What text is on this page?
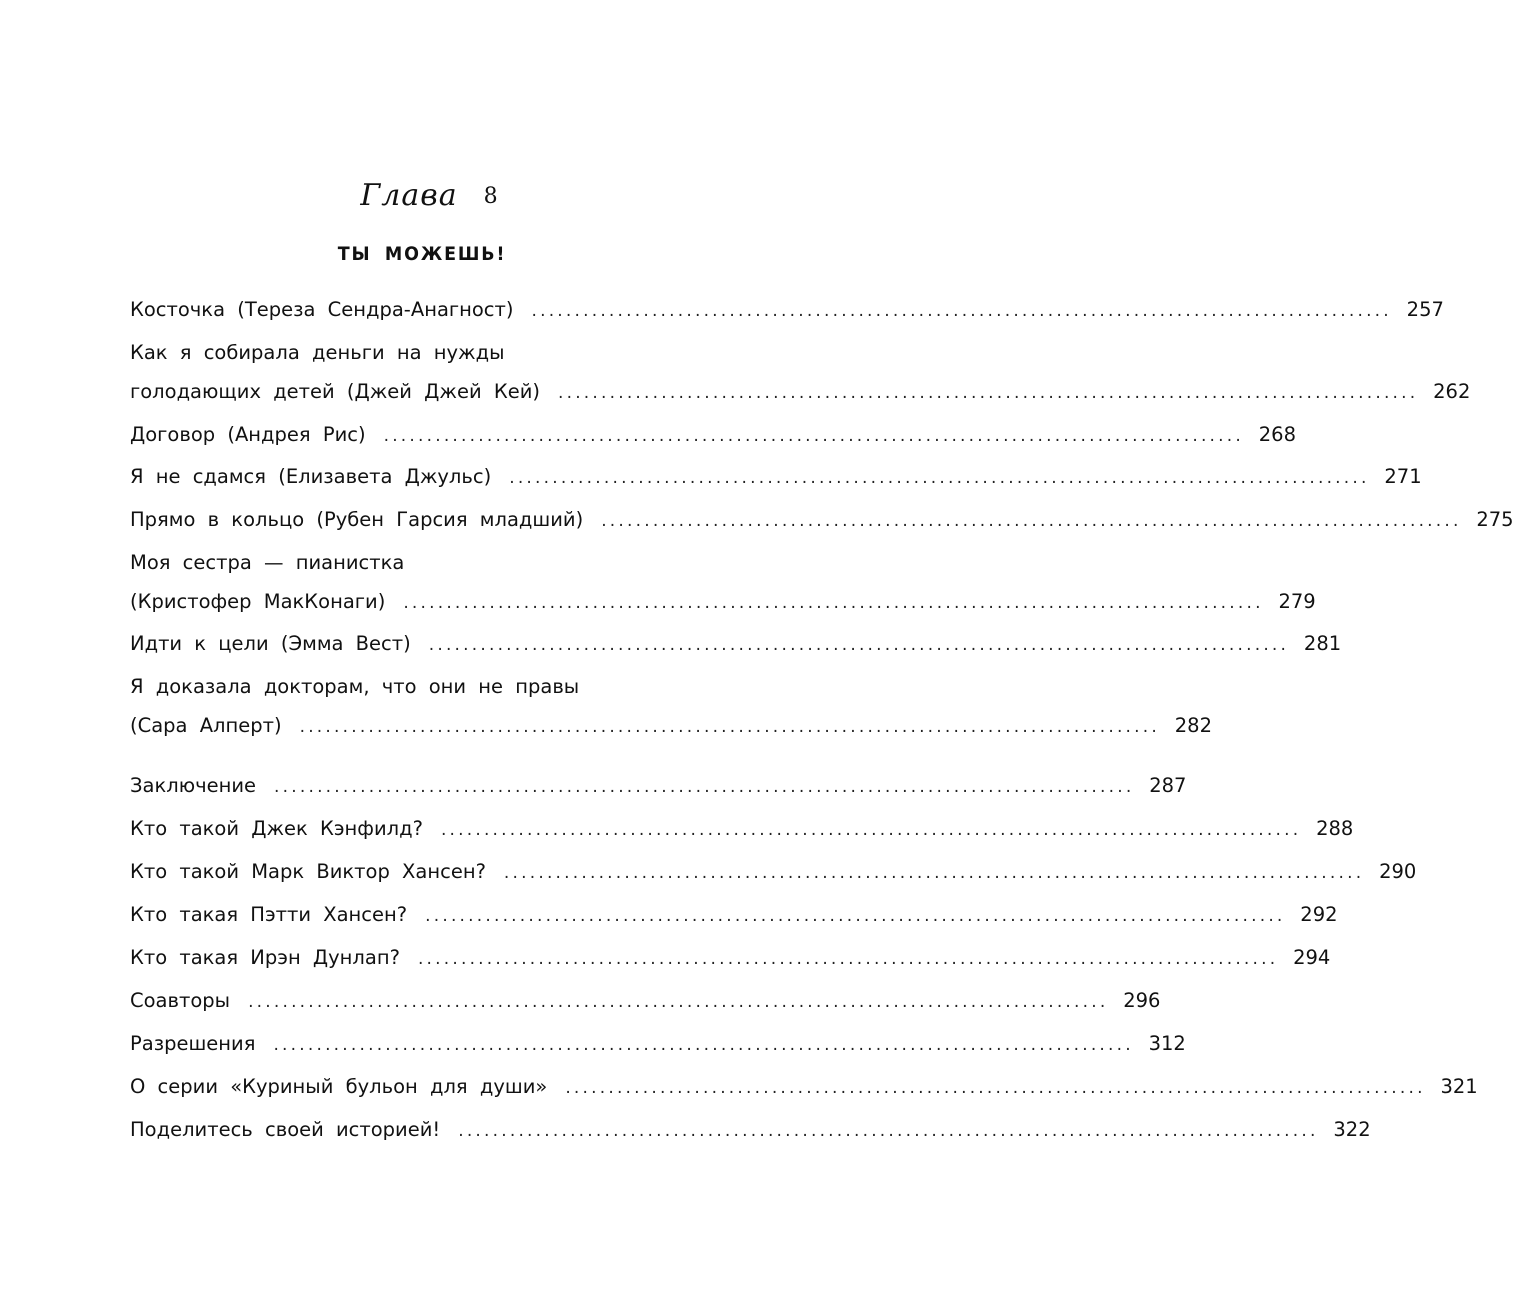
Глава 8
ТЫ МОЖЕШЬ!
Косточка (Тереза Сендра-Анагност) .................................................................................................... 257
Как я собирала деньги на нужды
голодающих детей (Джей Джей Кей) .................................................................................................... 262
Договор (Андрея Рис) .................................................................................................... 268
Я не сдамся (Елизавета Джульс) .................................................................................................... 271
Прямо в кольцо (Рубен Гарсия младший) .................................................................................................... 275
Моя сестра — пианистка
(Кристофер МакКонаги) .................................................................................................... 279
Идти к цели (Эмма Вест) .................................................................................................... 281
Я доказала докторам, что они не правы
(Сара Алперт) .................................................................................................... 282
Заключение .................................................................................................... 287
Кто такой Джек Кэнфилд? .................................................................................................... 288
Кто такой Марк Виктор Хансен? .................................................................................................... 290
Кто такая Пэтти Хансен? .................................................................................................... 292
Кто такая Ирэн Дунлап? .................................................................................................... 294
Соавторы .................................................................................................... 296
Разрешения .................................................................................................... 312
О серии «Куриный бульон для души» .................................................................................................... 321
Поделитесь своей историей! .................................................................................................... 322
